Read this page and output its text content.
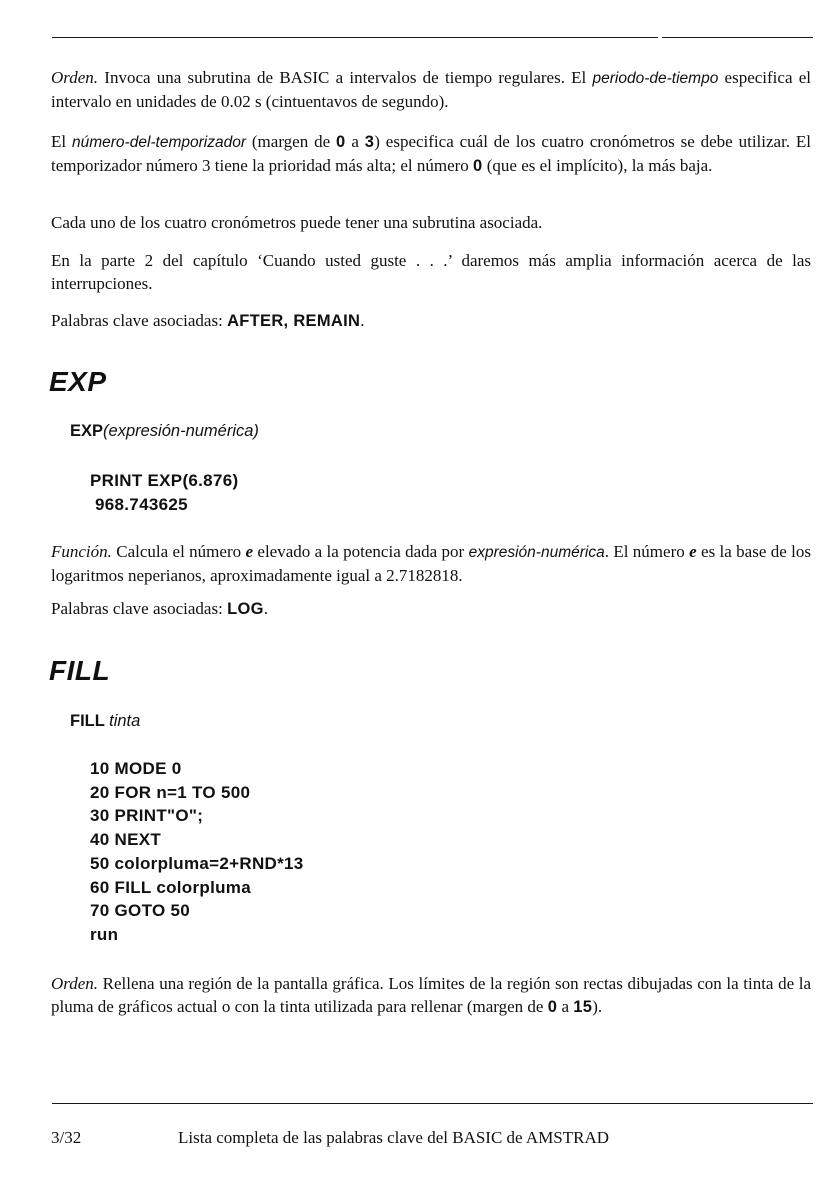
Orden. Invoca una subrutina de BASIC a intervalos de tiempo regulares. El periodo-de-tiempo especifica el intervalo en unidades de 0.02 s (cintuentavos de segundo).

El número-del-temporizador (margen de 0 a 3) especifica cuál de los cuatro cronómetros se debe utilizar. El temporizador número 3 tiene la prioridad más alta; el número 0 (que es el implícito), la más baja.

Cada uno de los cuatro cronómetros puede tener una subrutina asociada.

En la parte 2 del capítulo ‘Cuando usted guste . . .’ daremos más amplia información acerca de las interrupciones.

Palabras clave asociadas: AFTER, REMAIN.

EXP

EXP(expresión-numérica)

PRINT EXP(6.876)
968.743625

Función. Calcula el número e elevado a la potencia dada por expresión-numérica. El número e es la base de los logaritmos neperianos, aproximadamente igual a 2.7182818.

Palabras clave asociadas: LOG.

FILL

FILL tinta

10 MODE 0
20 FOR n=1 TO 500
30 PRINT"O";
40 NEXT
50 colorpluma=2+RND*13
60 FILL colorpluma
70 GOTO 50
run

Orden. Rellena una región de la pantalla gráfica. Los límites de la región son rectas dibujadas con la tinta de la pluma de gráficos actual o con la tinta utilizada para rellenar (margen de 0 a 15).

3/32	Lista completa de las palabras clave del BASIC de AMSTRAD
